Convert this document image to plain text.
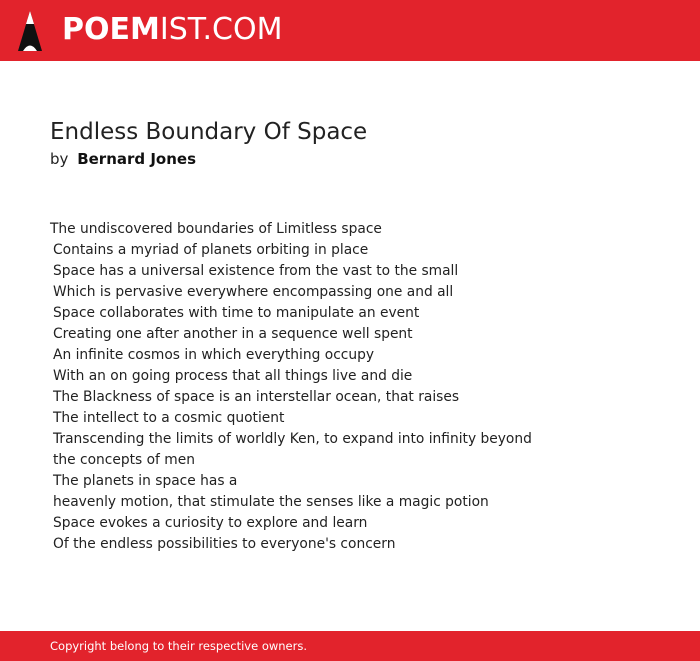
POEMIST.COM
Endless Boundary Of Space
by Bernard Jones
The undiscovered boundaries of Limitless space
Contains a myriad of planets orbiting in place
Space has a universal existence from the vast to the small
Which is pervasive everywhere encompassing one and all
Space collaborates with time to manipulate an event
Creating one after another in a sequence well spent
An infinite cosmos in which everything occupy
With an on going process that all things live and die
The Blackness of space is an interstellar ocean, that raises
The intellect to a cosmic quotient
Transcending the limits of worldly Ken, to expand into infinity beyond
the concepts of men
The planets in space has a
heavenly motion, that stimulate the senses like a magic potion
Space evokes a curiosity to explore and learn
Of the endless possibilities to everyone's concern
Copyright belong to their respective owners.
